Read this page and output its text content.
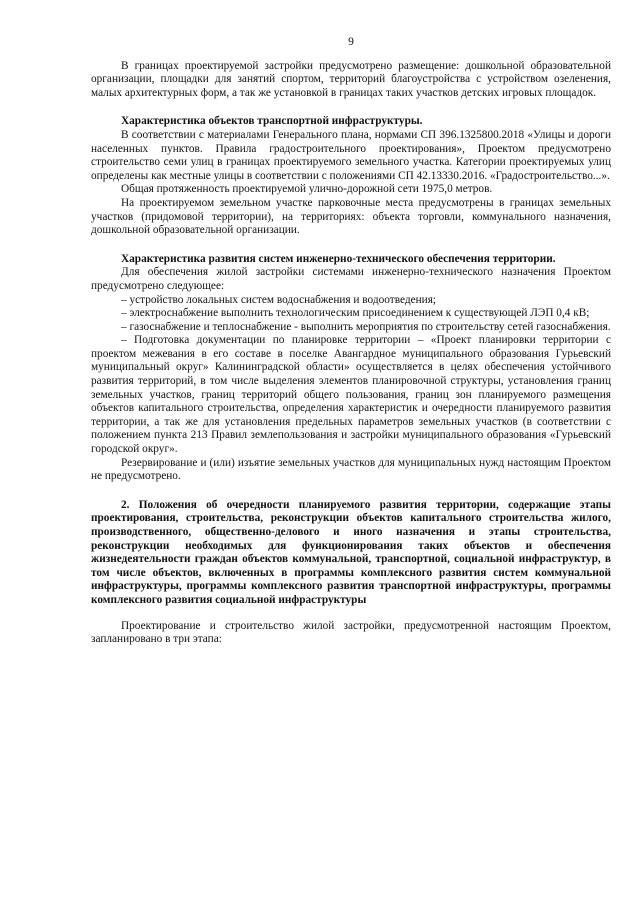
9

В границах проектируемой застройки предусмотрено размещение: дошкольной образовательной организации, площадки для занятий спортом, территорий благоустройства с устройством озеленения, малых архитектурных форм, а так же установкой в границах таких участков детских игровых площадок.

Характеристика объектов транспортной инфраструктуры.

В соответствии с материалами Генерального плана, нормами СП 396.1325800.2018 «Улицы и дороги населенных пунктов. Правила градостроительного проектирования», Проектом предусмотрено строительство семи улиц в границах проектируемого земельного участка. Категории проектируемых улиц определены как местные улицы в соответствии с положениями СП 42.13330.2016. «Градостроительство...».

Общая протяженность проектируемой улично-дорожной сети 1975,0 метров.

На проектируемом земельном участке парковочные места предусмотрены в границах земельных участков (придомовой территории), на территориях: объекта торговли, коммунального назначения, дошкольной образовательной организации.

Характеристика развития систем инженерно-технического обеспечения территории.

Для обеспечения жилой застройки системами инженерно-технического назначения Проектом предусмотрено следующее:

– устройство локальных систем водоснабжения и водоотведения;

– электроснабжение выполнить технологическим присоединением к существующей ЛЭП 0,4 кВ;

– газоснабжение и теплоснабжение - выполнить мероприятия по строительству сетей газоснабжения.

– Подготовка документации по планировке территории – «Проект планировки территории с проектом межевания в его составе в поселке Авангардное муниципального образования Гурьевский муниципальный округ» Калининградской области» осуществляется в целях обеспечения устойчивого развития территорий, в том числе выделения элементов планировочной структуры, установления границ земельных участков, границ территорий общего пользования, границ зон планируемого размещения объектов капитального строительства, определения характеристик и очередности планируемого развития территории, а так же для установления предельных параметров земельных участков (в соответствии с положением пункта 213 Правил землепользования и застройки муниципального образования «Гурьевский городской округ».

Резервирование и (или) изъятие земельных участков для муниципальных нужд настоящим Проектом не предусмотрено.

2. Положения об очередности планируемого развития территории, содержащие этапы проектирования, строительства, реконструкции объектов капитального строительства жилого, производственного, общественно-делового и иного назначения и этапы строительства, реконструкции необходимых для функционирования таких объектов и обеспечения жизнедеятельности граждан объектов коммунальной, транспортной, социальной инфраструктур, в том числе объектов, включенных в программы комплексного развития систем коммунальной инфраструктуры, программы комплексного развития транспортной инфраструктуры, программы комплексного развития социальной инфраструктуры

Проектирование и строительство жилой застройки, предусмотренной настоящим Проектом, запланировано в три этапа:
